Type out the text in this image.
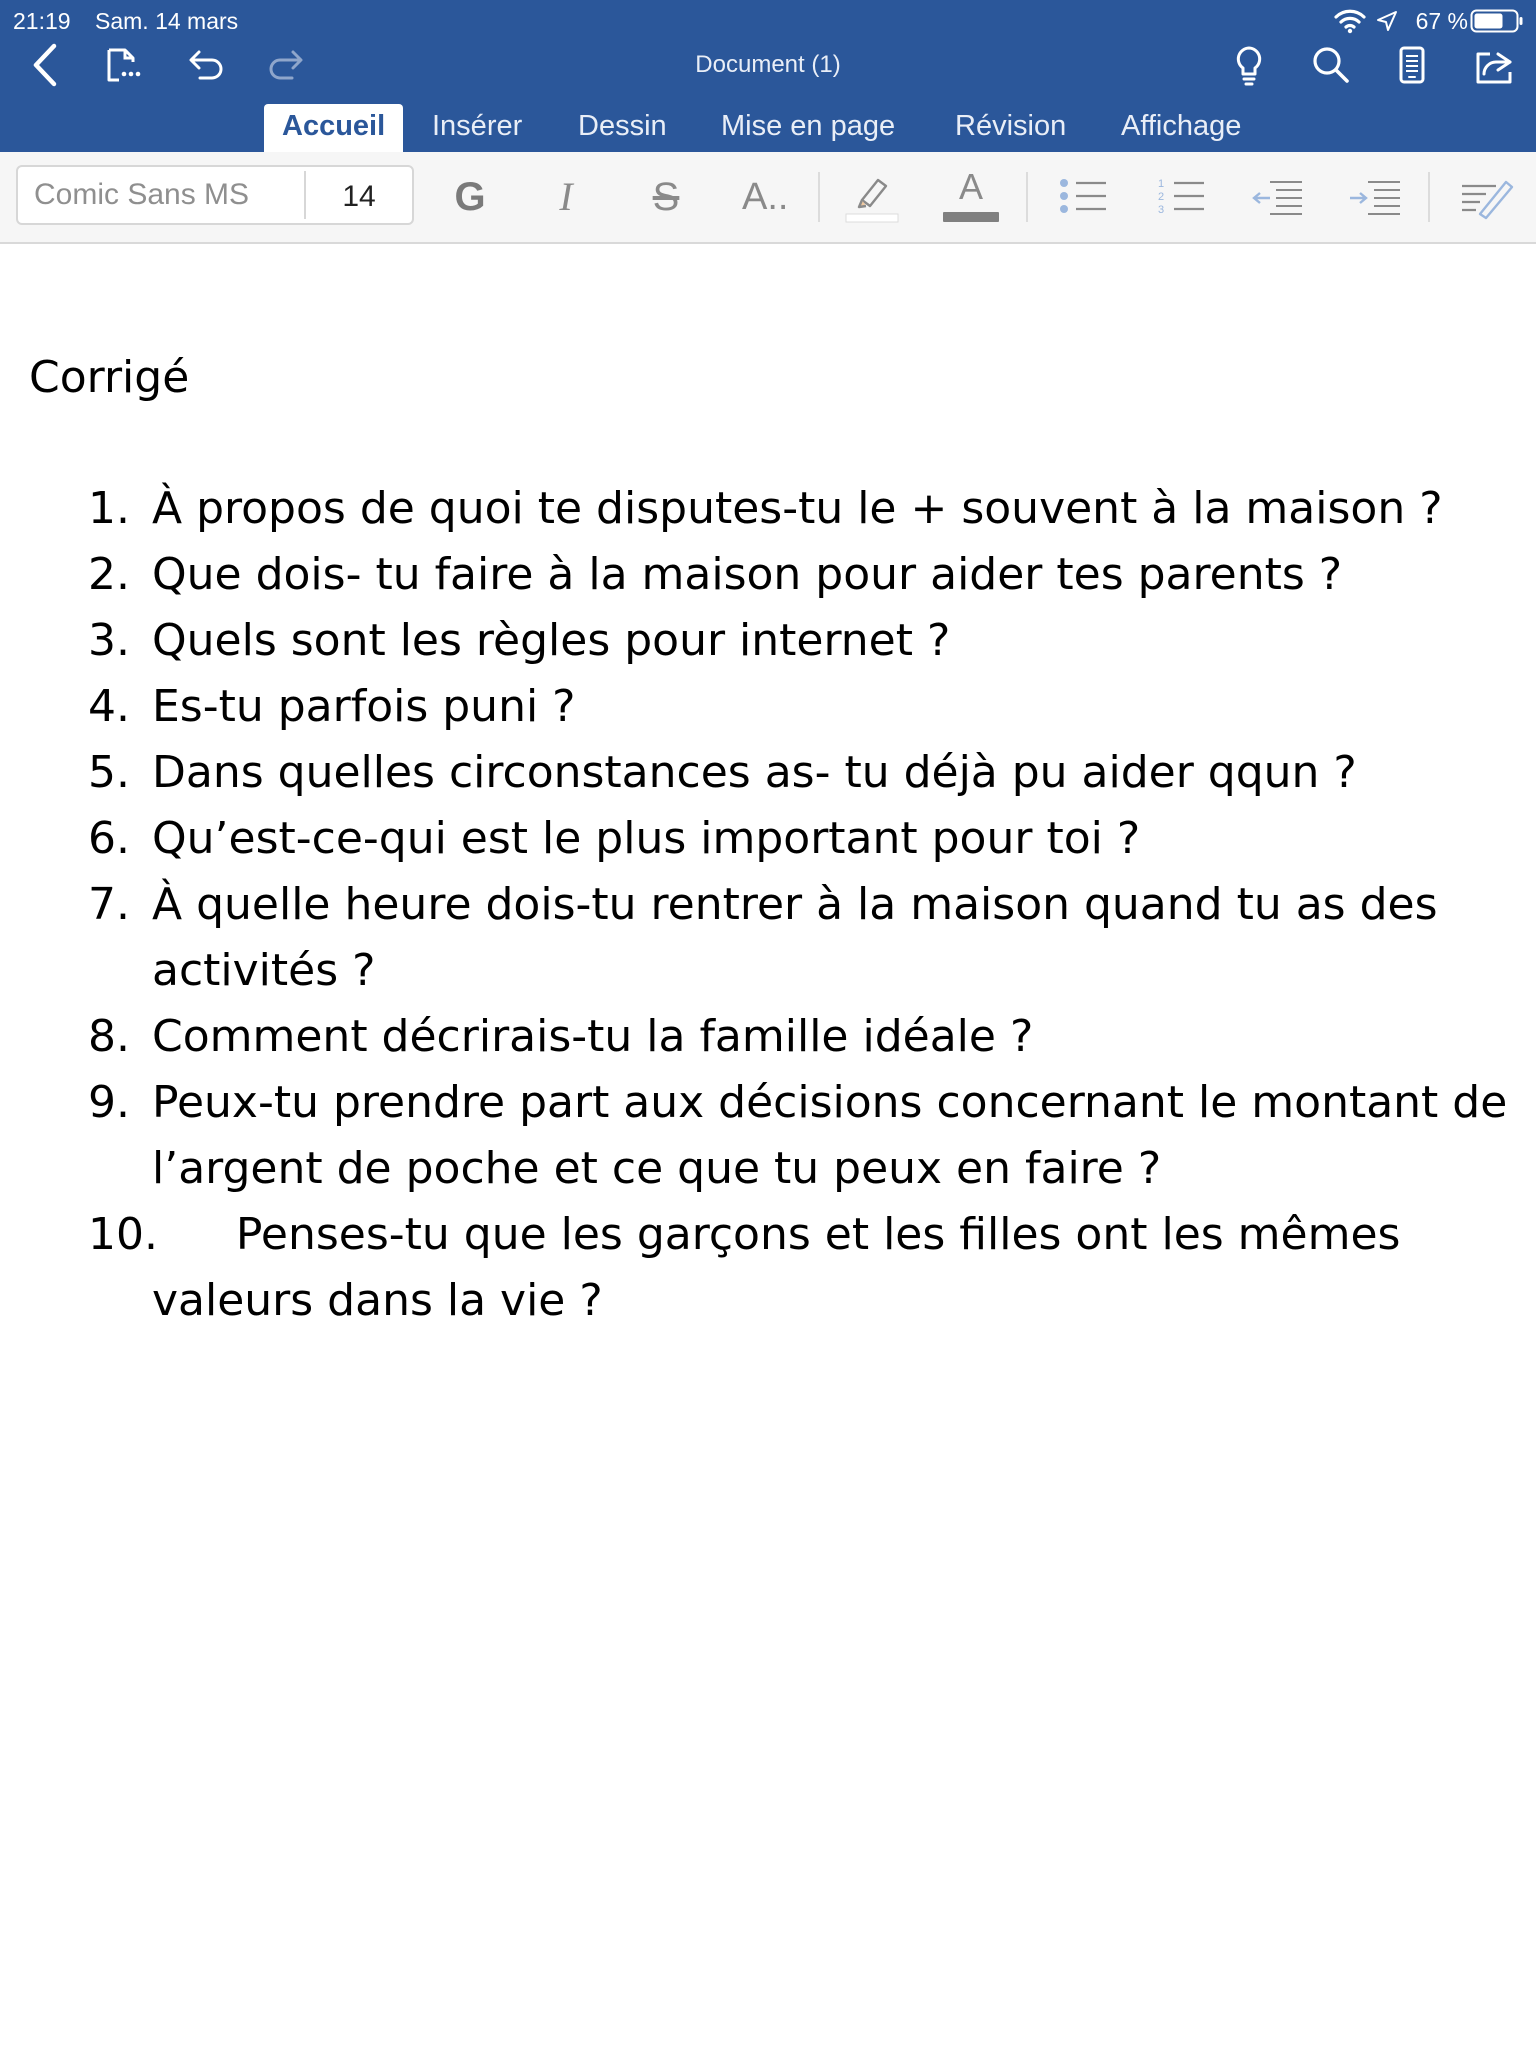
21:19 Sam. 14 mars	67 %
Document (1)
Accueil	Insérer Dessin Mise en page Révision Affichage
Comic Sans MS	14	G	I	S	A..	A	1
2
3
Corrigé
1. À propos de quoi te disputes-tu le + souvent à la maison ?
2. Que dois- tu faire à la maison pour aider tes parents ?
3. Quels sont les règles pour internet ?
4. Es-tu parfois puni ?
5. Dans quelles circonstances as- tu déjà pu aider qqun ?
6. Qu’est-ce-qui est le plus important pour toi ?
7. À quelle heure dois-tu rentrer à la maison quand tu as des activités ?
8. Comment décrirais-tu la famille idéale ?
9. Peux-tu prendre part aux décisions concernant le montant de l’argent de poche et ce que tu peux en faire ?
10.
Penses-tu que les garçons et les filles ont les mêmes valeurs dans la vie ?
